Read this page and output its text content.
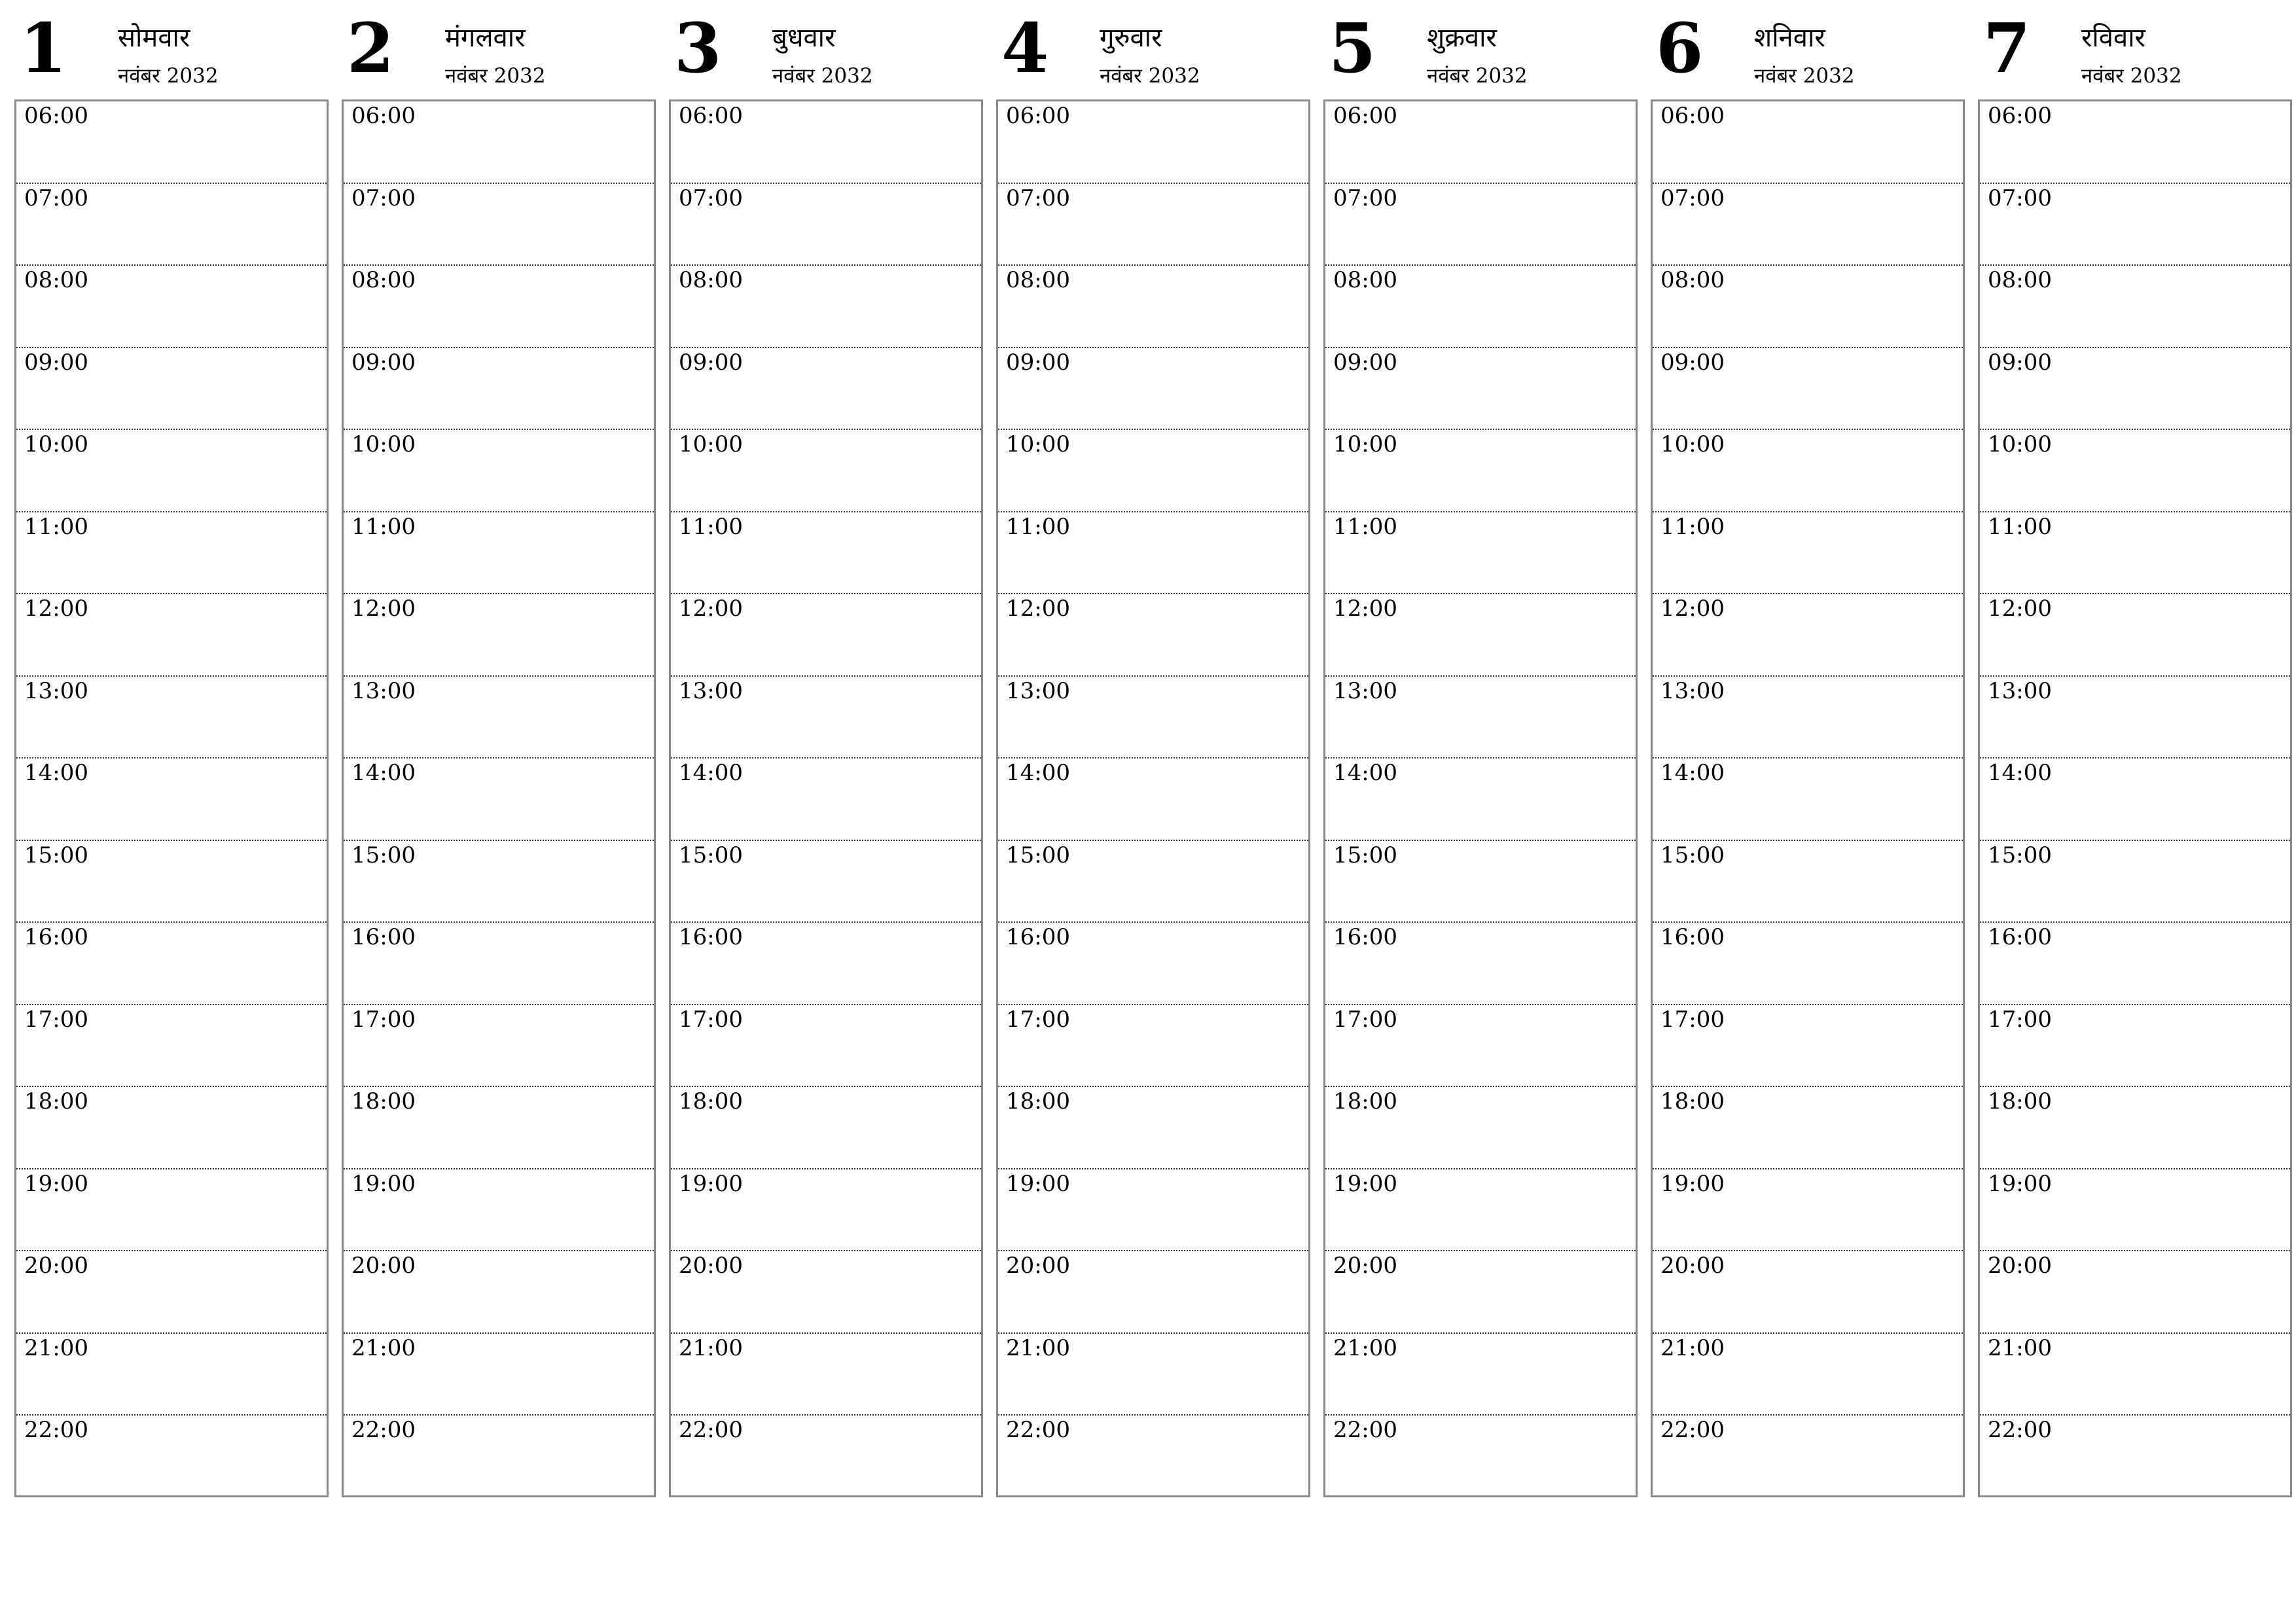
1 सोमवार
नवंबर 2032
06:00
07:00
08:00
09:00
10:00
11:00
12:00
13:00
14:00
15:00
16:00
17:00
18:00
19:00
20:00
21:00
22:00
2 मंगलवार
नवंबर 2032
06:00
07:00
08:00
09:00
10:00
11:00
12:00
13:00
14:00
15:00
16:00
17:00
18:00
19:00
20:00
21:00
22:00
3 बुधवार
नवंबर 2032
06:00
07:00
08:00
09:00
10:00
11:00
12:00
13:00
14:00
15:00
16:00
17:00
18:00
19:00
20:00
21:00
22:00
4 गुरुवार
नवंबर 2032
06:00
07:00
08:00
09:00
10:00
11:00
12:00
13:00
14:00
15:00
16:00
17:00
18:00
19:00
20:00
21:00
22:00
5 शुक्रवार
नवंबर 2032
06:00
07:00
08:00
09:00
10:00
11:00
12:00
13:00
14:00
15:00
16:00
17:00
18:00
19:00
20:00
21:00
22:00
6 शनिवार
नवंबर 2032
06:00
07:00
08:00
09:00
10:00
11:00
12:00
13:00
14:00
15:00
16:00
17:00
18:00
19:00
20:00
21:00
22:00
7 रविवार
नवंबर 2032
06:00
07:00
08:00
09:00
10:00
11:00
12:00
13:00
14:00
15:00
16:00
17:00
18:00
19:00
20:00
21:00
22:00
